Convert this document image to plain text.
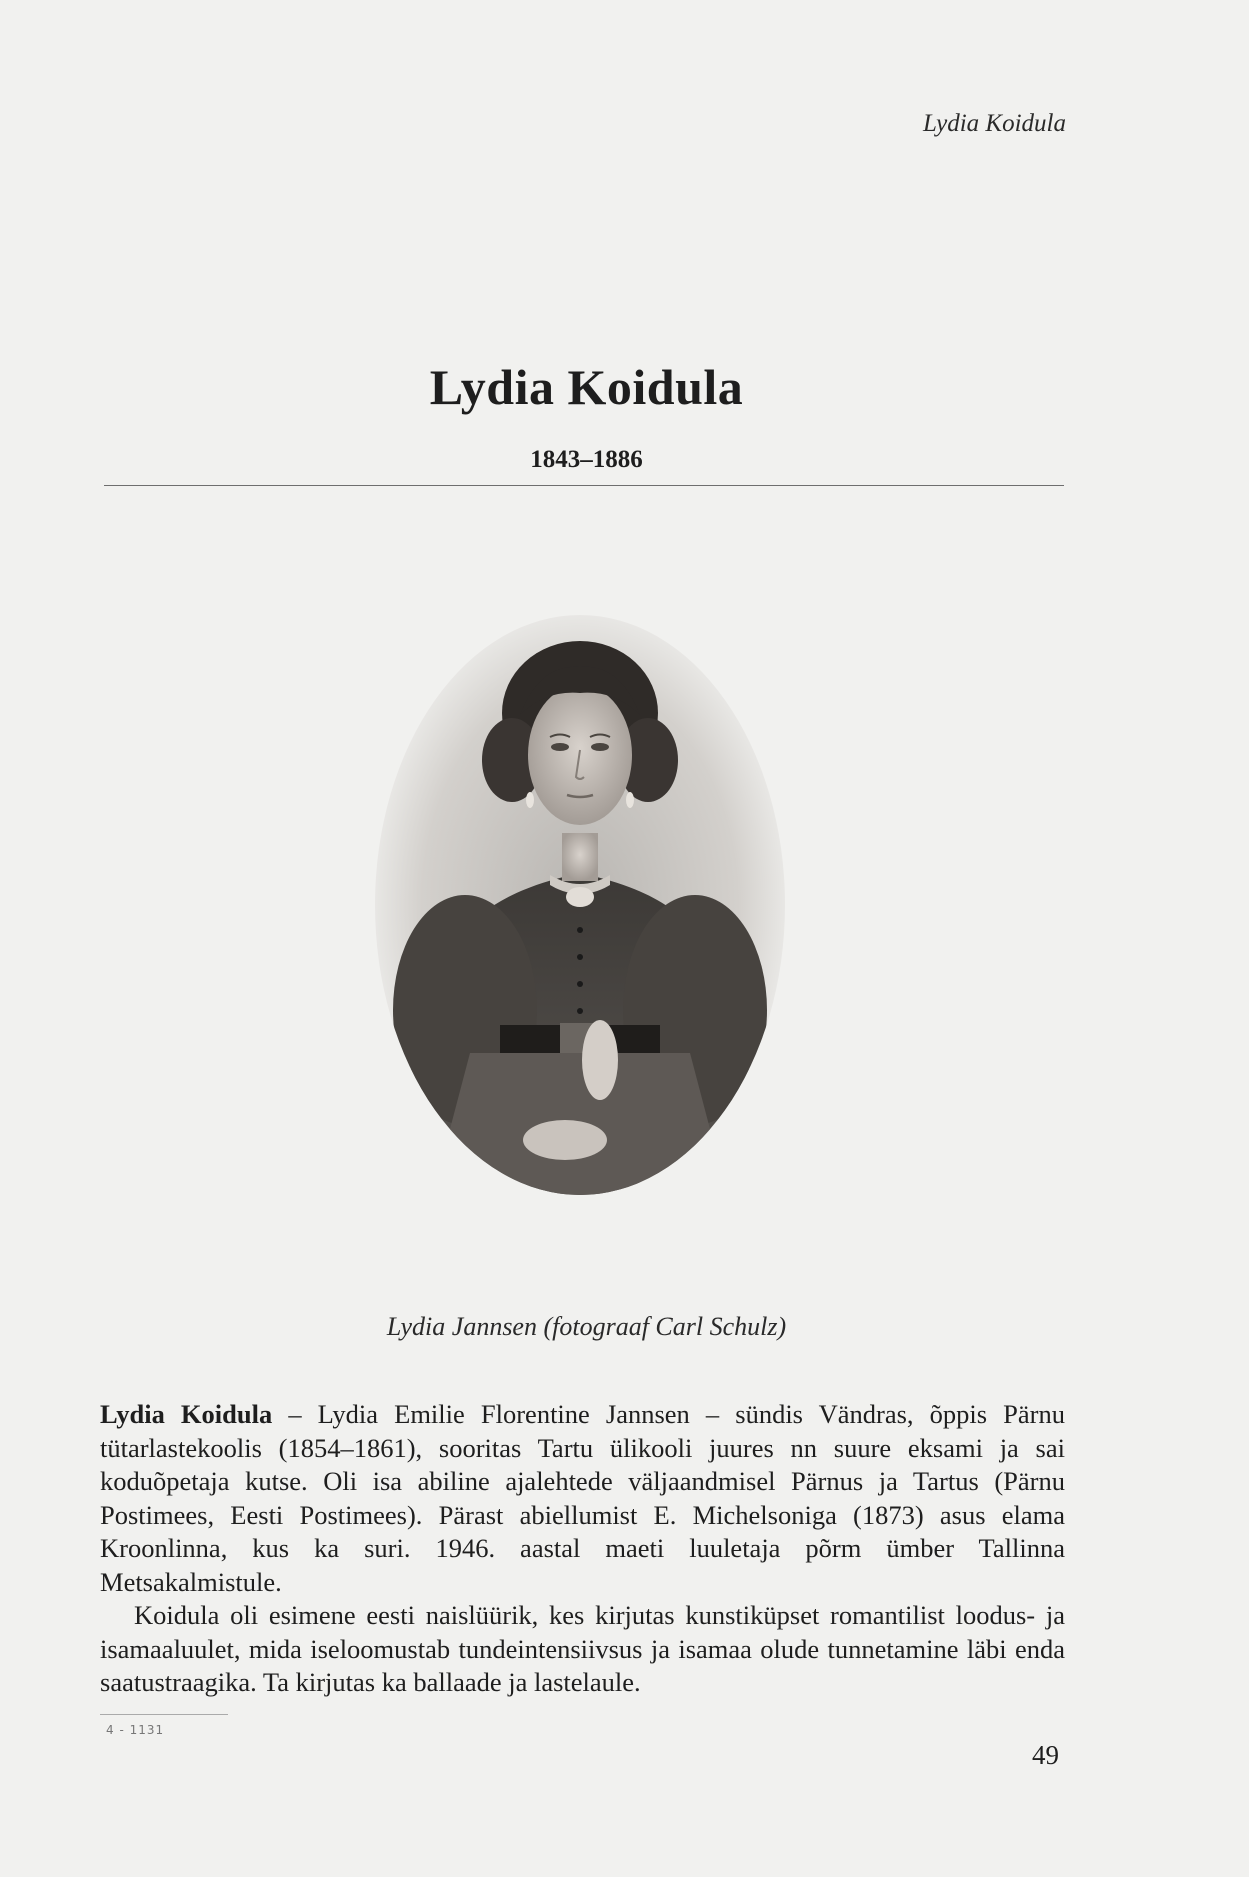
Lydia Koidula
Lydia Koidula
1843–1886
Lydia Jannsen (fotograaf Carl Schulz)

Lydia Koidula – Lydia Emilie Florentine Jannsen – sündis Vändras, õppis Pärnu tütarlastekoolis (1854–1861), sooritas Tartu ülikooli juures nn suure eksami ja sai koduõpetaja kutse. Oli isa abiline ajalehtede väljaandmisel Pärnus ja Tartus (Pärnu Postimees, Eesti Postimees). Pärast abiellumist E. Michelsoniga (1873) asus elama Kroonlinna, kus ka suri. 1946. aastal maeti luuletaja põrm ümber Tallinna Metsakalmistule.

Koidula oli esimene eesti naislüürik, kes kirjutas kunstiküpset romantilist loodus- ja isamaaluulet, mida iseloomustab tundeintensiivsus ja isamaa olude tunnetamine läbi enda saatustraagika. Ta kirjutas ka ballaade ja lastelaule.

4 - 1131
49
